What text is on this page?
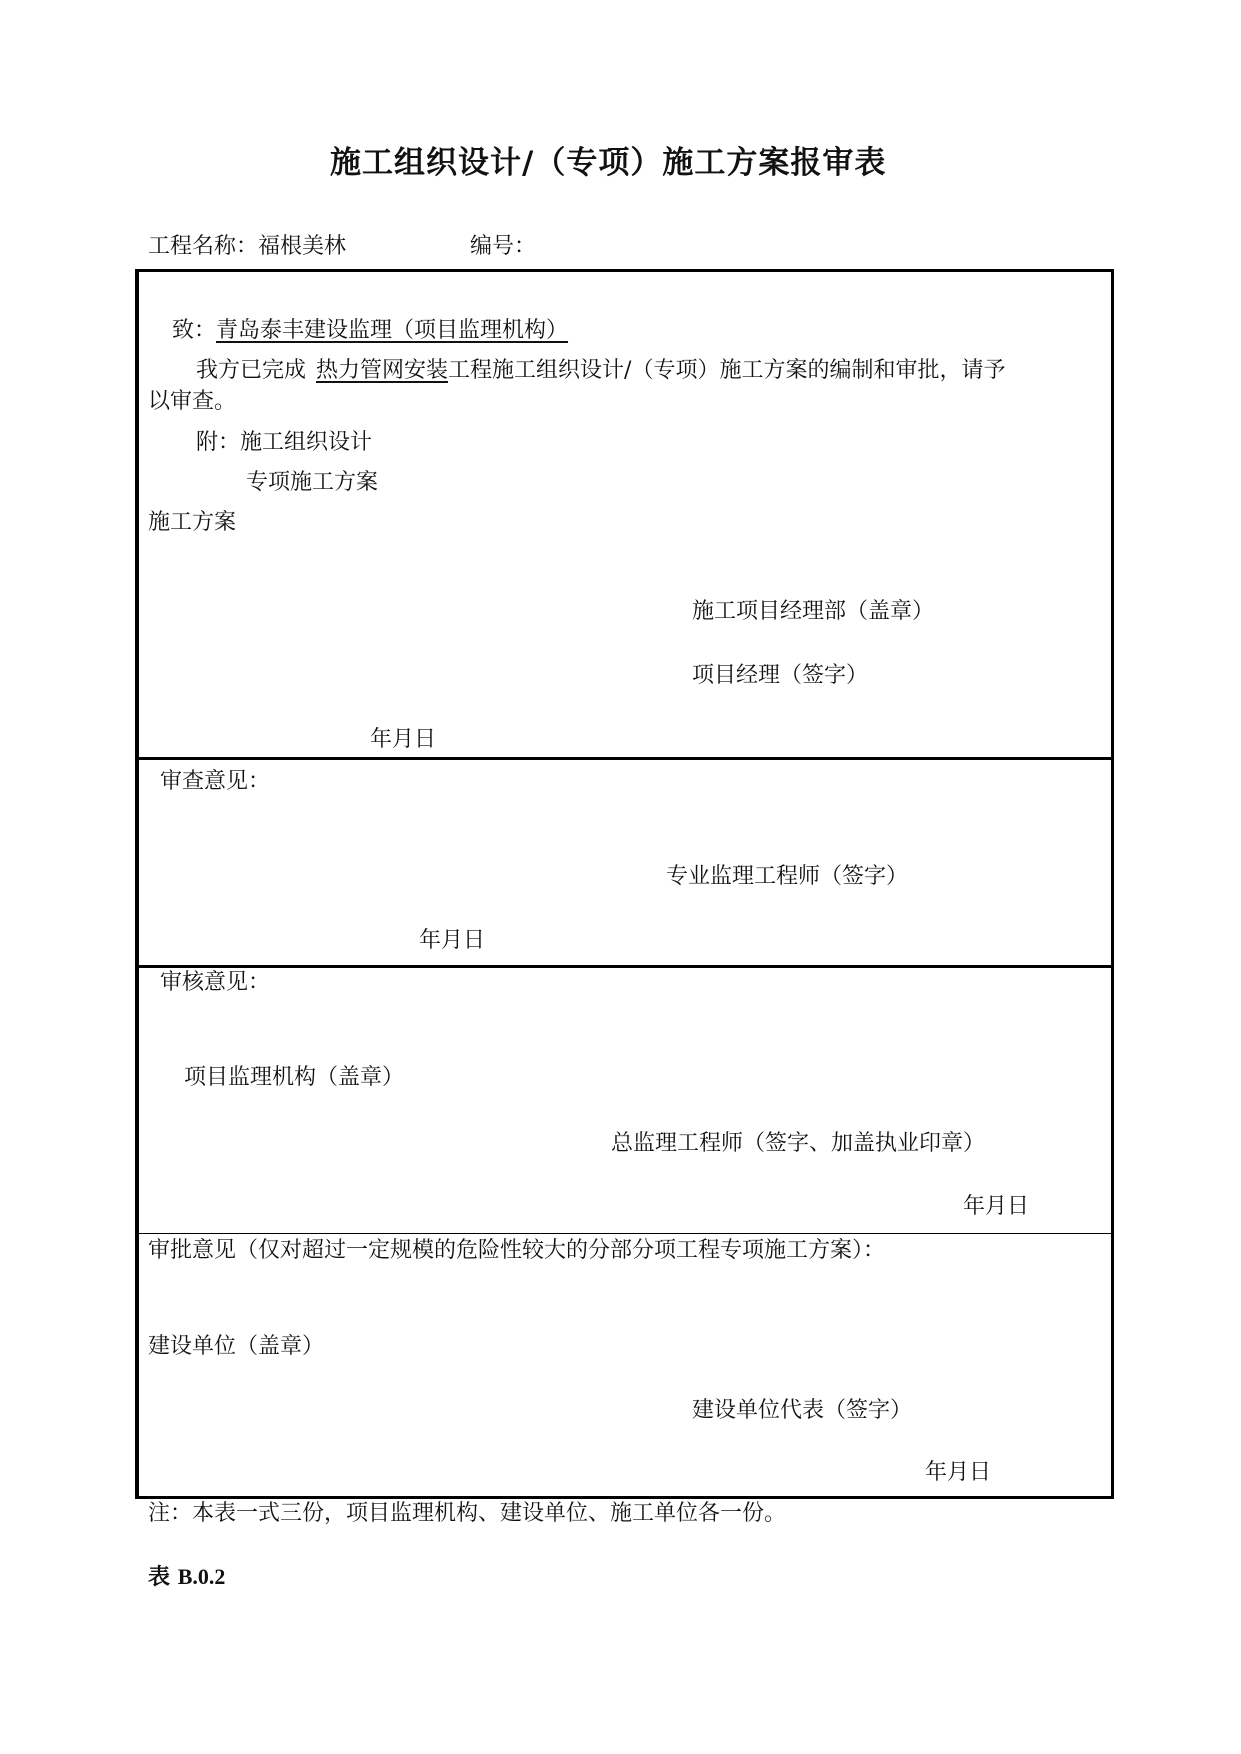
施工组织设计/（专项）施工方案报审表
工程名称：福根美林	编号：
致：青岛泰丰建设监理（项目监理机构）
我方已完成 热力管网安装工程施工组织设计/（专项）施工方案的编制和审批，请予
以审查。
附：施工组织设计
专项施工方案
施工方案
施工项目经理部（盖章）
项目经理（签字）
年月日
审查意见：
专业监理工程师（签字）
年月日
审核意见：
项目监理机构（盖章）
总监理工程师（签字、加盖执业印章）
年月日
审批意见（仅对超过一定规模的危险性较大的分部分项工程专项施工方案）：
建设单位（盖章）
建设单位代表（签字）
年月日
注：本表一式三份，项目监理机构、建设单位、施工单位各一份。
表 B.0.2
